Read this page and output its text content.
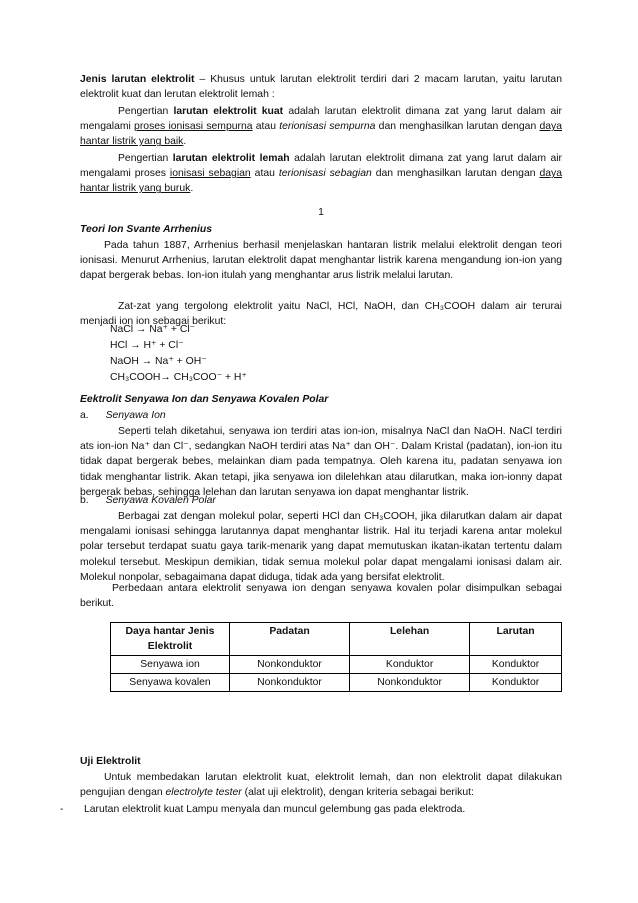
Jenis larutan elektrolit – Khusus untuk larutan elektrolit terdiri dari 2 macam larutan, yaitu larutan elektrolit kuat dan lerutan elektrolit lemah :

Pengertian larutan elektrolit kuat adalah larutan elektrolit dimana zat yang larut dalam air mengalami proses ionisasi sempurna atau terionisasi sempurna dan menghasilkan larutan dengan daya hantar listrik yang baik.

Pengertian larutan elektrolit lemah adalah larutan elektrolit dimana zat yang larut dalam air mengalami proses ionisasi sebagian atau terionisasi sebagian dan menghasilkan larutan dengan daya hantar listrik yang buruk.

1

Teori Ion Svante Arrhenius

Pada tahun 1887, Arrhenius berhasil menjelaskan hantaran listrik melalui elektrolit dengan teori ionisasi. Menurut Arrhenius, larutan elektrolit dapat menghantar listrik karena mengandung ion-ion yang dapat bergerak bebas. Ion-ion itulah yang menghantar arus listrik melalui larutan.

Zat-zat yang tergolong elektrolit yaitu NaCl, HCl, NaOH, dan CH₃COOH dalam air terurai menjadi ion ion sebagai berikut:

NaCl → Na⁺ + Cl⁻
HCl → H⁺ + Cl⁻
NaOH → Na⁺ + OH⁻
CH₃COOH→ CH₃COO⁻ + H⁺

Eektrolit Senyawa Ion dan Senyawa Kovalen Polar

a. Senyawa Ion

Seperti telah diketahui, senyawa ion terdiri atas ion-ion, misalnya NaCl dan NaOH. NaCl terdiri ats ion-ion Na⁺ dan Cl⁻, sedangkan NaOH terdiri atas Na⁺ dan OH⁻. Dalam Kristal (padatan), ion-ion itu tidak dapat bergerak bebes, melainkan diam pada tempatnya. Oleh karena itu, padatan senyawa ion tidak menghantar listrik. Akan tetapi, jika senyawa ion dilelehkan atau dilarutkan, maka ion-ionny dapat bergerak bebas, sehingga lelehan dan larutan senyawa ion dapat menghantar listrik.

b. Senyawa Kovalen Polar

Berbagai zat dengan molekul polar, seperti HCl dan CH₃COOH, jika dilarutkan dalam air dapat mengalami ionisasi sehingga larutannya dapat menghantar listrik. Hal itu terjadi karena antar molekul polar tersebut terdapat suatu gaya tarik-menarik yang dapat memutuskan ikatan-ikatan tertentu dalam molekul tersebut. Meskipun demikian, tidak semua molekul polar dapat mengalami ionisasi dalam air. Molekul nonpolar, sebagaimana dapat diduga, tidak ada yang bersifat elektrolit.

Perbedaan antara elektrolit senyawa ion dengan senyawa kovalen polar disimpulkan sebagai berikut.

Daya hantar Jenis Elektrolit	Padatan	Lelehan	Larutan
Senyawa ion	Nonkonduktor	Konduktor	Konduktor
Senyawa kovalen	Nonkonduktor	Nonkonduktor	Konduktor

Uji Elektrolit

Untuk membedakan larutan elektrolit kuat, elektrolit lemah, dan non elektrolit dapat dilakukan pengujian dengan electrolyte tester (alat uji elektrolit), dengan kriteria sebagai berikut:

- Larutan elektrolit kuat Lampu menyala dan muncul gelembung gas pada elektroda.
